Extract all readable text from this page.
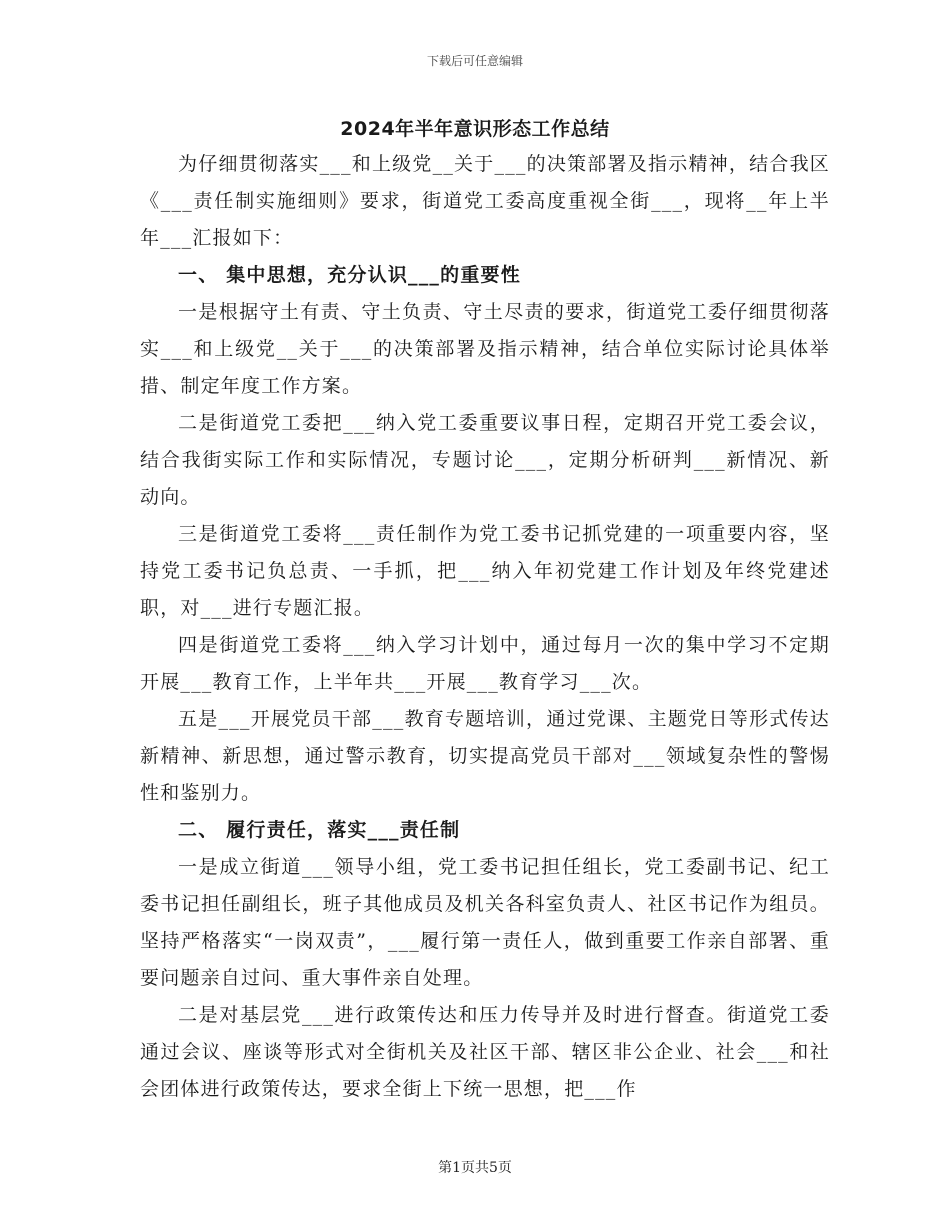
下载后可任意编辑
2024年半年意识形态工作总结

为仔细贯彻落实___和上级党__关于___的决策部署及指示精神，结合我区《___责任制实施细则》要求，街道党工委高度重视全街___，现将__年上半年___汇报如下：

一、 集中思想，充分认识___的重要性

一是根据守土有责、守土负责、守土尽责的要求，街道党工委仔细贯彻落实___和上级党__关于___的决策部署及指示精神，结合单位实际讨论具体举措、制定年度工作方案。

二是街道党工委把___纳入党工委重要议事日程，定期召开党工委会议，结合我街实际工作和实际情况，专题讨论___，定期分析研判___新情况、新动向。

三是街道党工委将___责任制作为党工委书记抓党建的一项重要内容，坚持党工委书记负总责、一手抓，把___纳入年初党建工作计划及年终党建述职，对___进行专题汇报。

四是街道党工委将___纳入学习计划中，通过每月一次的集中学习不定期开展___教育工作，上半年共___开展___教育学习___次。

五是___开展党员干部___教育专题培训，通过党课、主题党日等形式传达新精神、新思想，通过警示教育，切实提高党员干部对___领域复杂性的警惕性和鉴别力。

二、 履行责任，落实___责任制

一是成立街道___领导小组，党工委书记担任组长，党工委副书记、纪工委书记担任副组长，班子其他成员及机关各科室负责人、社区书记作为组员。坚持严格落实“一岗双责”，___履行第一责任人，做到重要工作亲自部署、重要问题亲自过问、重大事件亲自处理。

二是对基层党___进行政策传达和压力传导并及时进行督查。街道党工委通过会议、座谈等形式对全街机关及社区干部、辖区非公企业、社会___和社会团体进行政策传达，要求全街上下统一思想，把___作

第1页共5页
